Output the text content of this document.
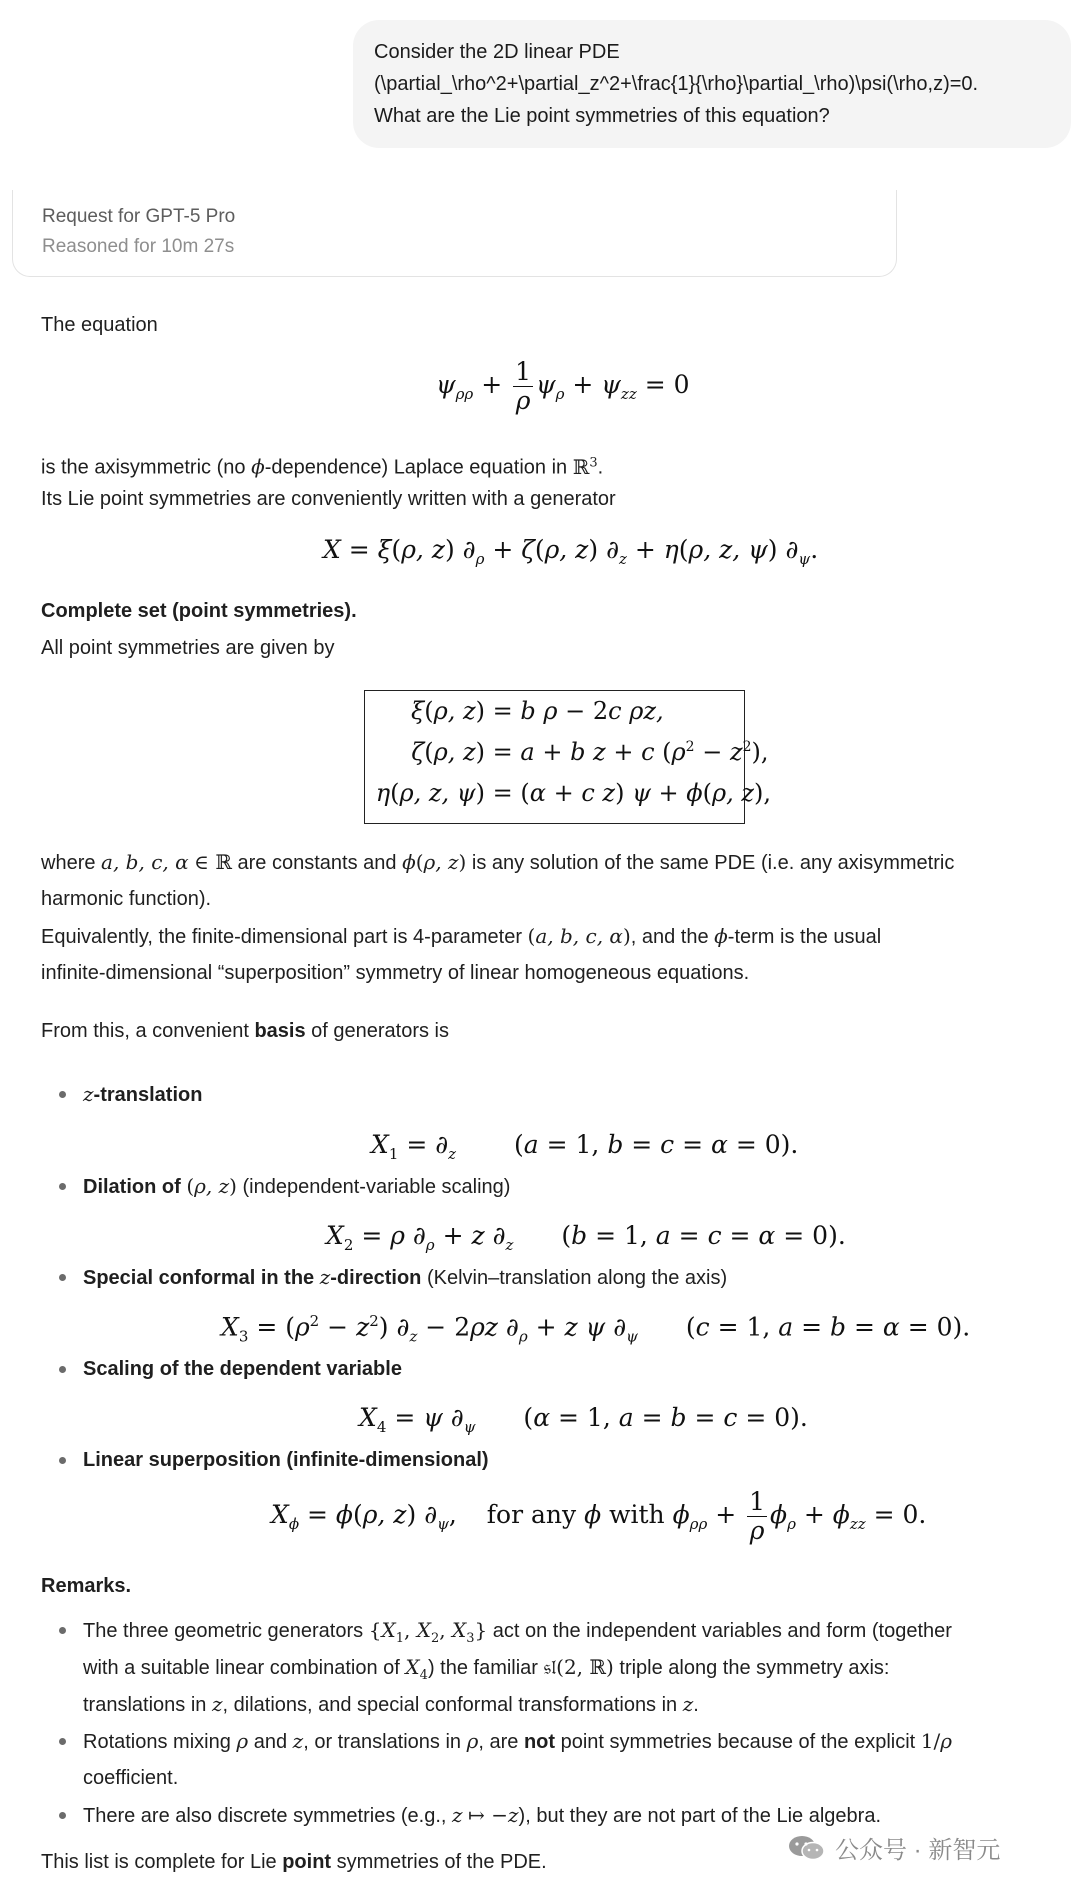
Consider the 2D linear PDE
(\partial_\rho^2+\partial_z^2+\frac{1}{\rho}\partial_\rho)\psi(\rho,z)=0.
What are the Lie point symmetries of this equation?
Request for GPT-5 Pro
Reasoned for 10m 27s
The equation
$\psi_{\rho\rho} + \frac{1}{\rho} \psi_\rho + \psi_{zz} = 0$
is the axisymmetric (no ϕ-dependence) Laplace equation in ℝ$^3$.
Its Lie point symmetries are conveniently written with a generator
X = ξ(ρ, z) $\partial_\rho + \zeta(\rho$, z) $\partial_z + \eta(\rho$, z, ψ) $\partial_\psi$.
Complete set (point symmetries).
All point symmetries are given by
ξ(ρ, z) = b ρ − 2c ρz,
ζ(ρ, z) = a + b z + c $(\rho^2 - z^2)$,
η(ρ, z, ψ) = (α + c z) ψ + ϕ(ρ, z),
where a, b, c, α ∈ ℝ are constants and ϕ(ρ, z) is any solution of the same PDE (i.e. any axisymmetric
harmonic function).
Equivalently, the finite-dimensional part is 4-parameter (a, b, c, α), and the ϕ-term is the usual
infinite-dimensional “superposition” symmetry of linear homogeneous equations.
From this, a convenient basis of generators is
z-translation
$X_1 = \partial_z$ (a = 1, b = c = α = 0).
Dilation of (ρ, z) (independent-variable scaling)
$X_2 = \rho$ $\partial_\rho + z$ $\partial_z$ (b = 1, a = c = α = 0).
Special conformal in the z-direction (Kelvin–translation along the axis)
$X_3 = (\rho^2 - z^2) \partial_z - 2\rho z$ $\partial_\rho + z$ ψ $\partial_\psi$ (c = 1, a = b = α = 0).
Scaling of the dependent variable
$X_4 = \psi$ $\partial_\psi$ (α = 1, a = b = c = 0).
Linear superposition (infinite-dimensional)
$X_\phi = \phi(\rho$, z) $\partial_\psi$, for any ϕ with $\phi_{\rho\rho} + \frac{1}{\rho} \phi_\rho + \phi_{zz} = 0$.
Remarks.
The three geometric generators {$X_1$, $X_2$, $X_3$} act on the independent variables and form (together
with a suitable linear combination of $X_4$) the familiar 𝔰𝔩(2, ℝ) triple along the symmetry axis:
translations in z, dilations, and special conformal transformations in z.
Rotations mixing ρ and z, or translations in ρ, are not point symmetries because of the explicit 1/ρ
coefficient.
There are also discrete symmetries (e.g., z ↦ −z), but they are not part of the Lie algebra.
This list is complete for Lie point symmetries of the PDE.	公众号 · 新智元
